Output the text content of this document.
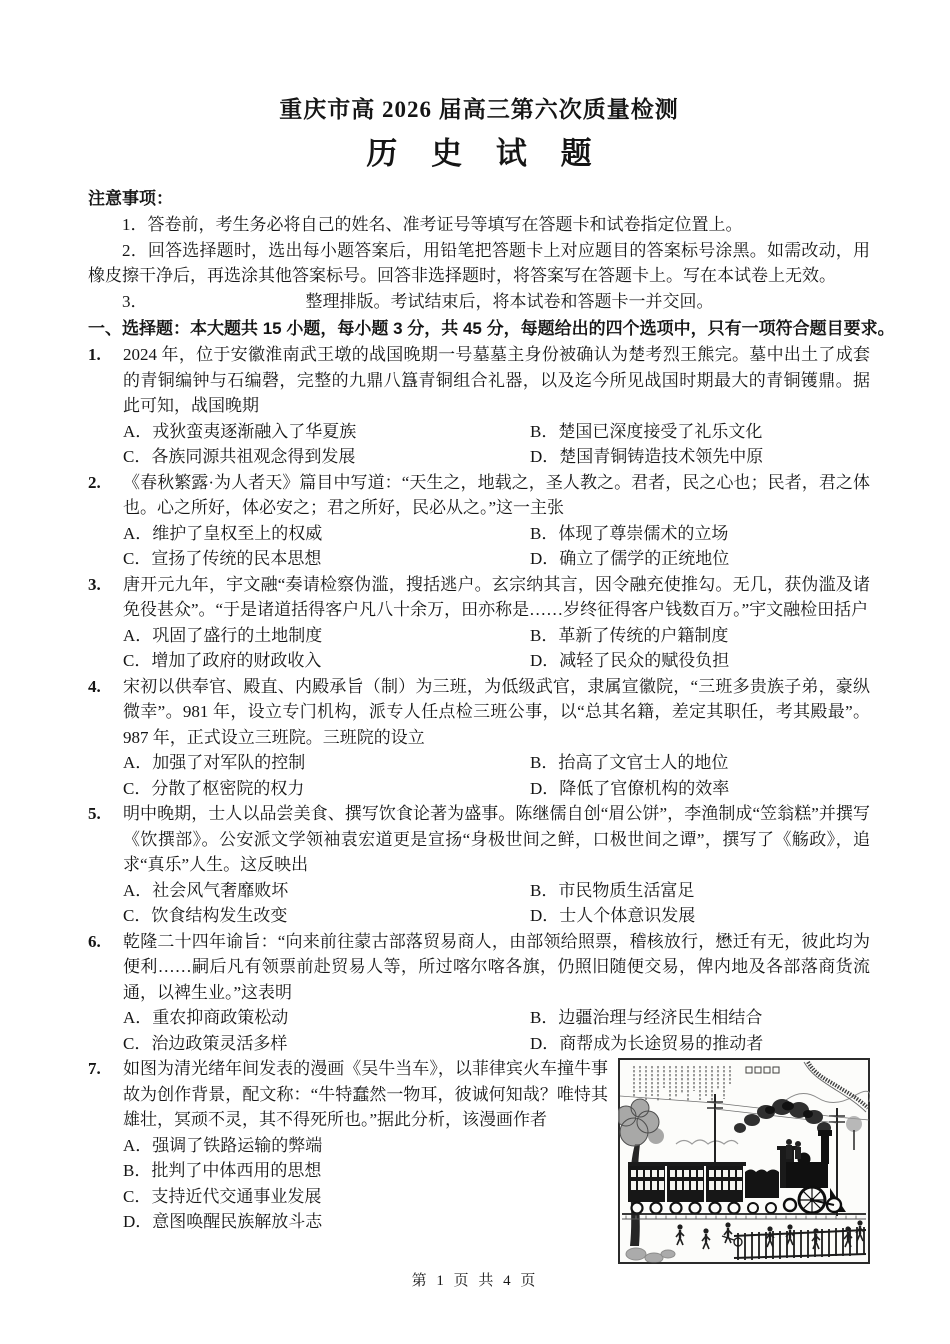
重庆市高 2026 届高三第六次质量检测
历 史 试 题
注意事项：

1．答卷前，考生务必将自己的姓名、准考证号等填写在答题卡和试卷指定位置上。

2．回答选择题时，选出每小题答案后，用铅笔把答题卡上对应题目的答案标号涂黑。如需改动，用橡皮擦干净后，再选涂其他答案标号。回答非选择题时，将答案写在答题卡上。写在本试卷上无效。

3．	整理排版。考试结束后，将本试卷和答题卡一并交回。

一、选择题：本大题共 15 小题，每小题 3 分，共 45 分，每题给出的四个选项中，只有一项符合题目要求。
1.	2024 年，位于安徽淮南武王墩的战国晚期一号墓墓主身份被确认为楚考烈王熊完。墓中出土了成套的青铜编钟与石编磬，完整的九鼎八簋青铜组合礼器，以及迄今所见战国时期最大的青铜镬鼎。据此可知，战国晚期
A．戎狄蛮夷逐渐融入了华夏族	B．楚国已深度接受了礼乐文化
C．各族同源共祖观念得到发展	D．楚国青铜铸造技术领先中原
2.	《春秋繁露·为人者天》篇目中写道：“天生之，地载之，圣人教之。君者，民之心也；民者，君之体也。心之所好，体必安之；君之所好，民必从之。”这一主张
A．维护了皇权至上的权威	B．体现了尊崇儒术的立场
C．宣扬了传统的民本思想	D．确立了儒学的正统地位
3.	唐开元九年，宇文融“奏请检察伪滥，搜括逃户。玄宗纳其言，因令融充使推勾。无几，获伪滥及诸免役甚众”。“于是诸道括得客户凡八十余万，田亦称是……岁终征得客户钱数百万。”宇文融检田括户
A．巩固了盛行的土地制度	B．革新了传统的户籍制度
C．增加了政府的财政收入	D．减轻了民众的赋役负担
4.	宋初以供奉官、殿直、内殿承旨（制）为三班，为低级武官，隶属宣徽院，“三班多贵族子弟，豪纵微幸”。981 年，设立专门机构，派专人任点检三班公事，以“总其名籍，差定其职任，考其殿最”。987 年，正式设立三班院。三班院的设立
A．加强了对军队的控制	B．抬高了文官士人的地位
C．分散了枢密院的权力	D．降低了官僚机构的效率
5.	明中晚期，士人以品尝美食、撰写饮食论著为盛事。陈继儒自创“眉公饼”，李渔制成“笠翁糕”并撰写《饮撰部》。公安派文学领袖袁宏道更是宣扬“身极世间之鲜，口极世间之谭”，撰写了《觞政》，追求“真乐”人生。这反映出
A．社会风气奢靡败坏	B．市民物质生活富足
C．饮食结构发生改变	D．士人个体意识发展
6.	乾隆二十四年谕旨：“向来前往蒙古部落贸易商人，由部领给照票，稽核放行，懋迁有无，彼此均为便利……嗣后凡有领票前赴贸易人等，所过喀尔喀各旗，仍照旧随便交易，俾内地及各部落商货流通，以裨生业。”这表明
A．重农抑商政策松动	B．边疆治理与经济民生相结合
C．治边政策灵活多样	D．商帮成为长途贸易的推动者
7.	如图为清光绪年间发表的漫画《吴牛当车》，以菲律宾火车撞牛事故为创作背景，配文称：“牛特蠢然一物耳，彼诚何知哉？唯恃其雄壮，冥顽不灵，其不得死所也。”据此分析，该漫画作者
A．强调了铁路运输的弊端
B．批判了中体西用的思想
C．支持近代交通事业发展
D．意图唤醒民族解放斗志
第 1 页 共 4 页
